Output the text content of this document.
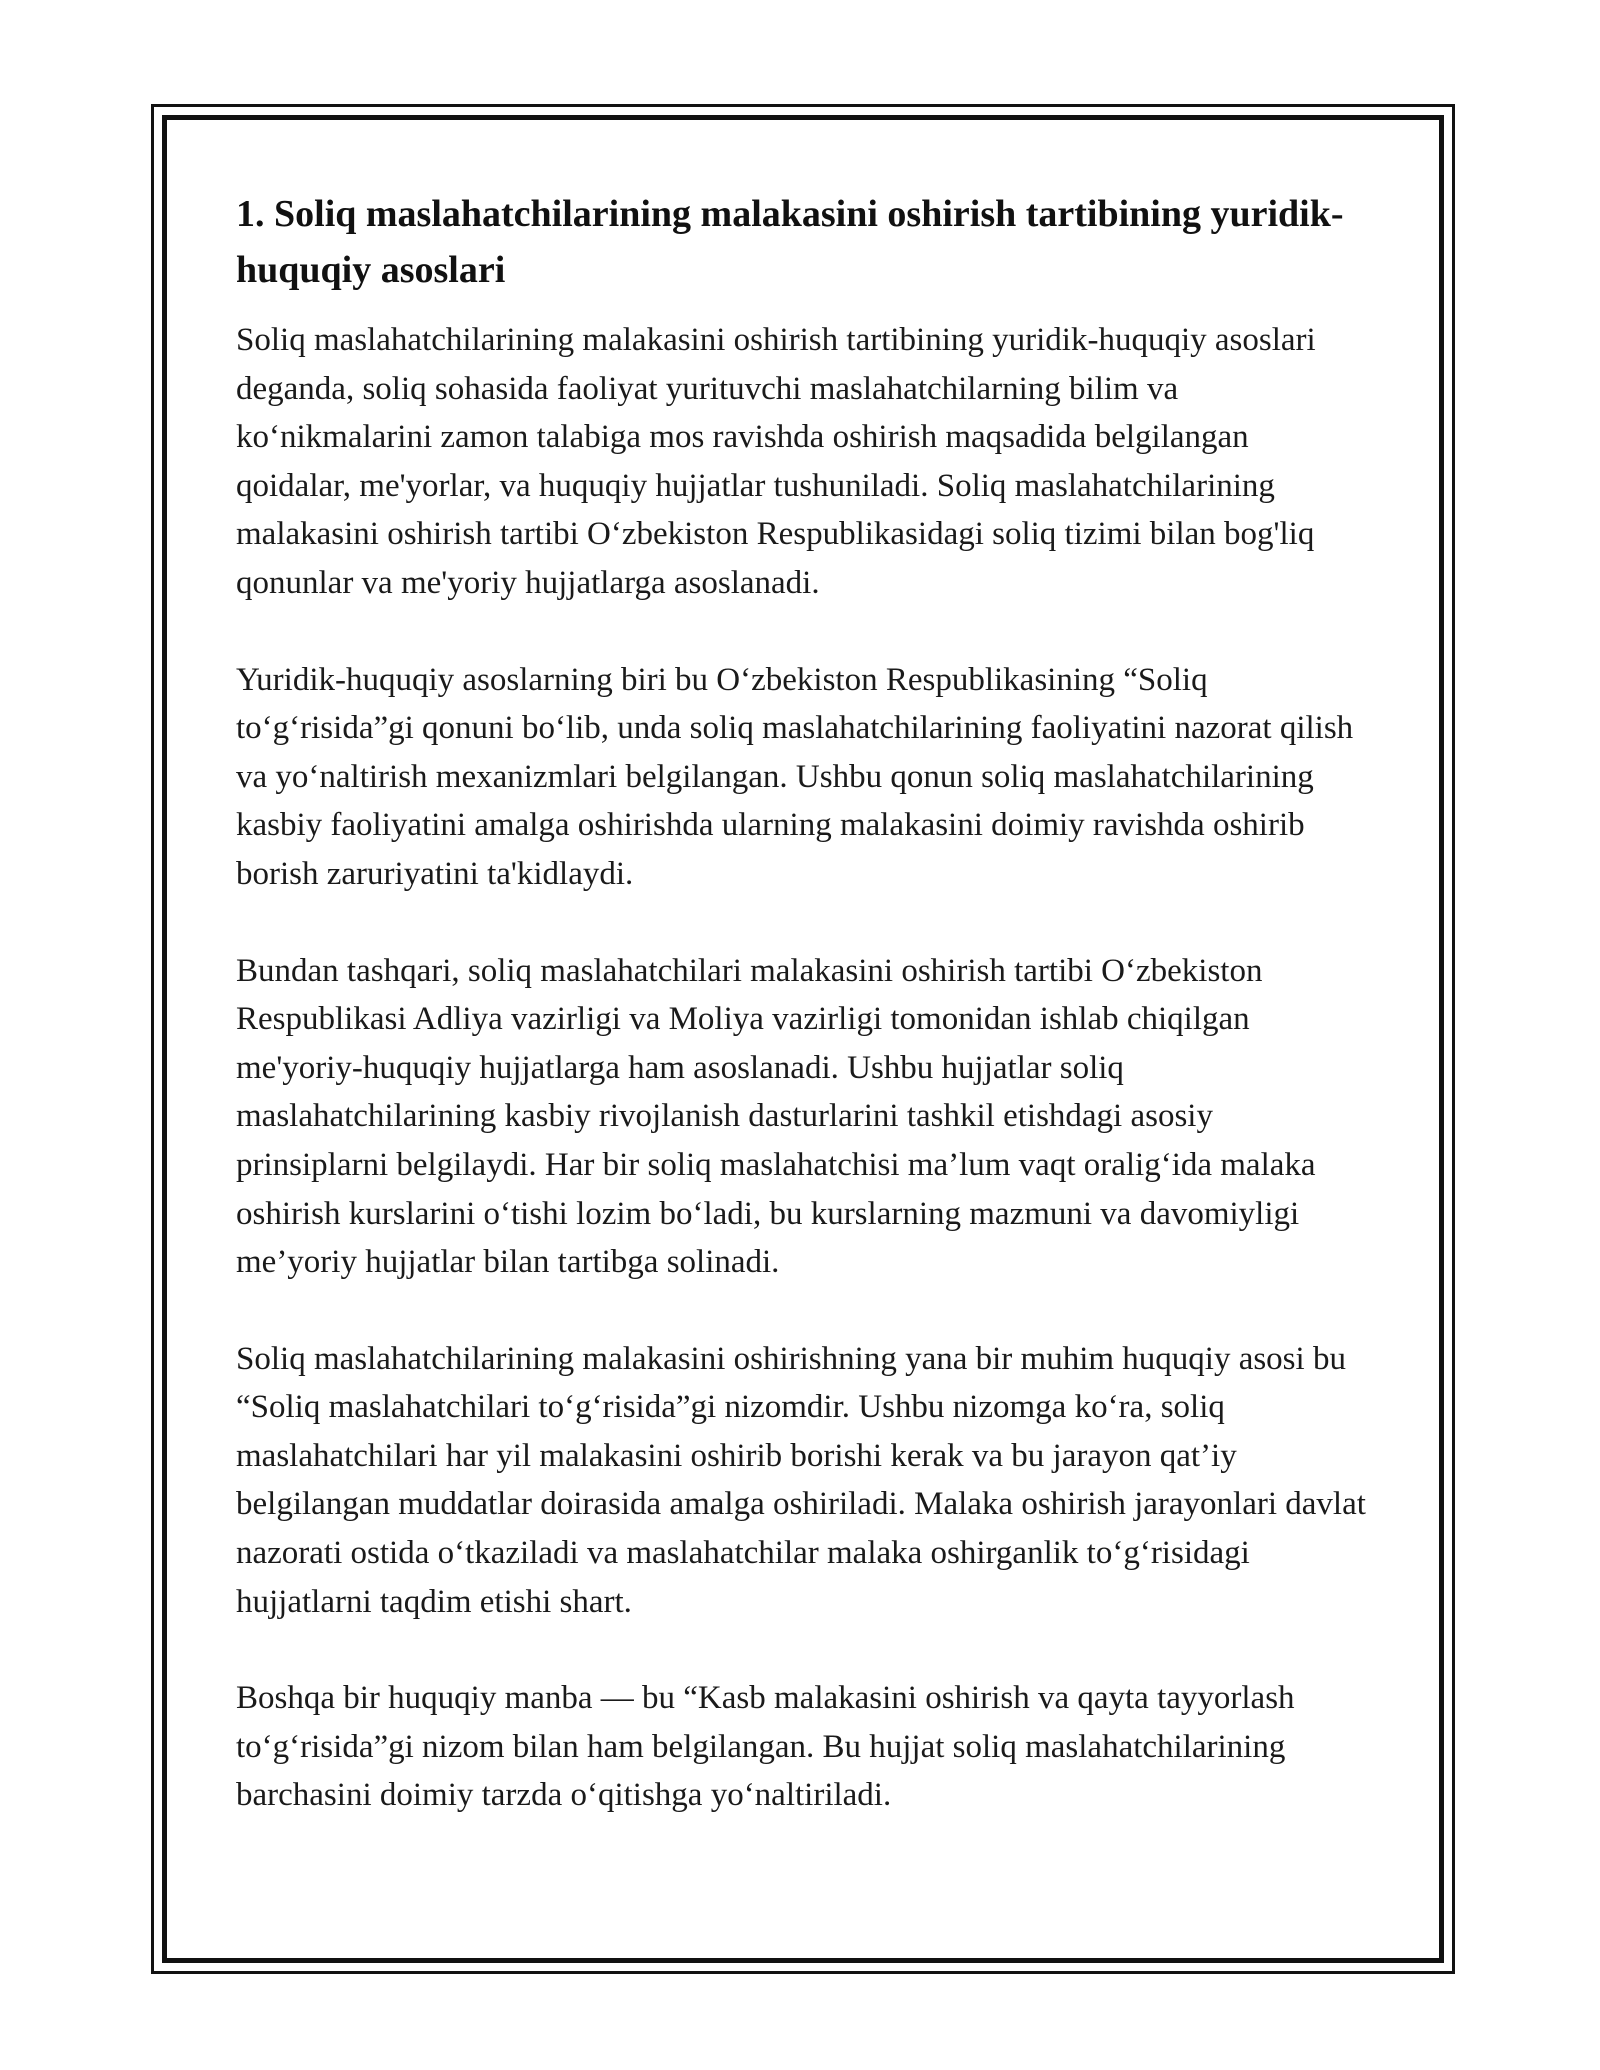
1. Soliq maslahatchilarining malakasini oshirish tartibining yuridik-huquqiy asoslari

Soliq maslahatchilarining malakasini oshirish tartibining yuridik-huquqiy asoslari deganda, soliq sohasida faoliyat yurituvchi maslahatchilarning bilim va koʻnikmalarini zamon talabiga mos ravishda oshirish maqsadida belgilangan qoidalar, me'yorlar, va huquqiy hujjatlar tushuniladi. Soliq maslahatchilarining malakasini oshirish tartibi Oʻzbekiston Respublikasidagi soliq tizimi bilan bog'liq qonunlar va me'yoriy hujjatlarga asoslanadi.

Yuridik-huquqiy asoslarning biri bu Oʻzbekiston Respublikasining “Soliq toʻgʻrisida”gi qonuni boʻlib, unda soliq maslahatchilarining faoliyatini nazorat qilish va yoʻnaltirish mexanizmlari belgilangan. Ushbu qonun soliq maslahatchilarining kasbiy faoliyatini amalga oshirishda ularning malakasini doimiy ravishda oshirib borish zaruriyatini ta'kidlaydi.

Bundan tashqari, soliq maslahatchilari malakasini oshirish tartibi Oʻzbekiston Respublikasi Adliya vazirligi va Moliya vazirligi tomonidan ishlab chiqilgan me'yoriy-huquqiy hujjatlarga ham asoslanadi. Ushbu hujjatlar soliq maslahatchilarining kasbiy rivojlanish dasturlarini tashkil etishdagi asosiy prinsiplarni belgilaydi. Har bir soliq maslahatchisi ma’lum vaqt oraligʻida malaka oshirish kurslarini oʻtishi lozim boʻladi, bu kurslarning mazmuni va davomiyligi me’yoriy hujjatlar bilan tartibga solinadi.

Soliq maslahatchilarining malakasini oshirishning yana bir muhim huquqiy asosi bu “Soliq maslahatchilari toʻgʻrisida”gi nizomdir. Ushbu nizomga koʻra, soliq maslahatchilari har yil malakasini oshirib borishi kerak va bu jarayon qat’iy belgilangan muddatlar doirasida amalga oshiriladi. Malaka oshirish jarayonlari davlat nazorati ostida oʻtkaziladi va maslahatchilar malaka oshirganlik toʻgʻrisidagi hujjatlarni taqdim etishi shart.

Boshqa bir huquqiy manba — bu “Kasb malakasini oshirish va qayta tayyorlash toʻgʻrisida”gi nizom bilan ham belgilangan. Bu hujjat soliq maslahatchilarining barchasini doimiy tarzda oʻqitishga yoʻnaltiriladi.
